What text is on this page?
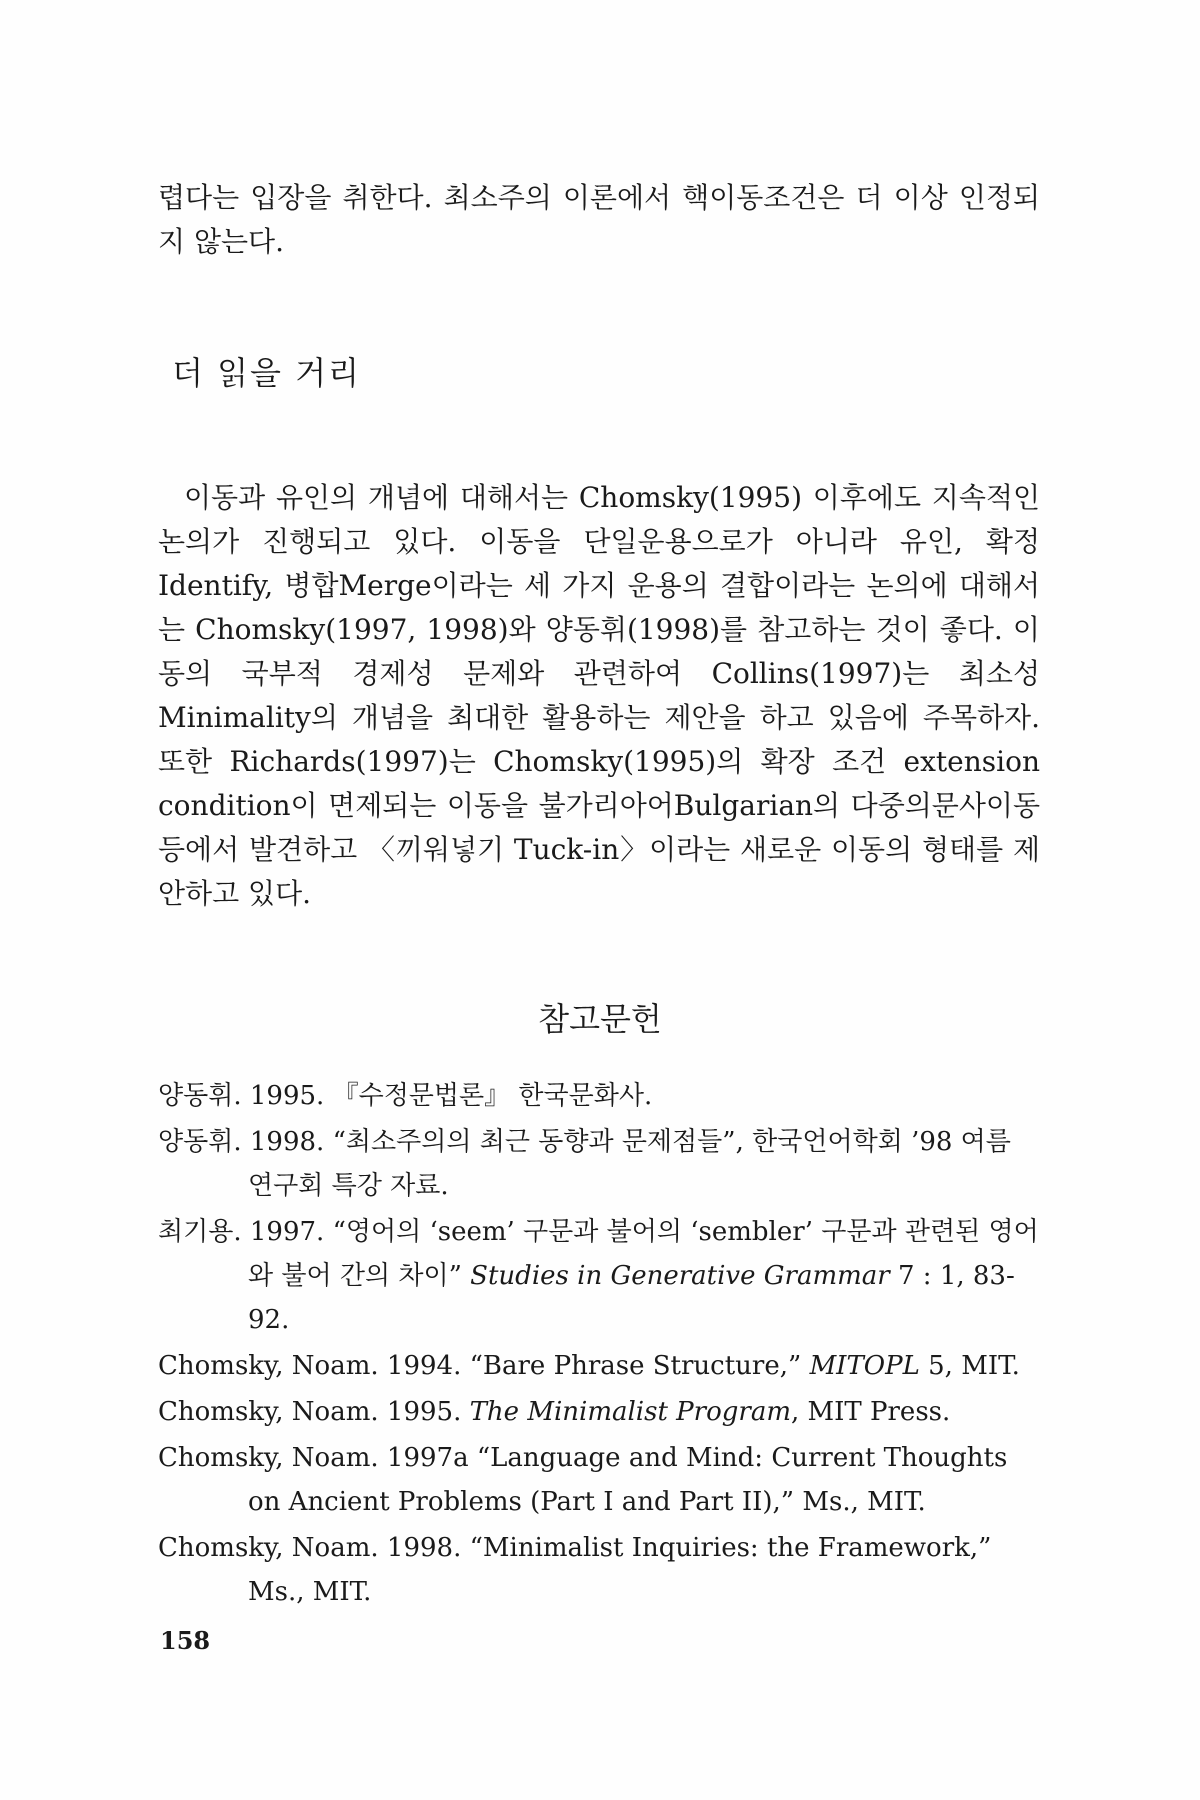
렵다는 입장을 취한다. 최소주의 이론에서 핵이동조건은 더 이상 인정되지 않는다.

더 읽을 거리

이동과 유인의 개념에 대해서는 Chomsky(1995) 이후에도 지속적인 논의가 진행되고 있다. 이동을 단일운용으로가 아니라 유인, 확정 Identify, 병합Merge이라는 세 가지 운용의 결합이라는 논의에 대해서는 Chomsky(1997, 1998)와 양동휘(1998)를 참고하는 것이 좋다. 이동의 국부적 경제성 문제와 관련하여 Collins(1997)는 최소성 Minimality의 개념을 최대한 활용하는 제안을 하고 있음에 주목하자. 또한 Richards(1997)는 Chomsky(1995)의 확장 조건 extension condition이 면제되는 이동을 불가리아어Bulgarian의 다중의문사이동 등에서 발견하고 〈끼워넣기 Tuck-in〉이라는 새로운 이동의 형태를 제안하고 있다.

참고문헌
양동휘. 1995. 『수정문법론』 한국문화사.
양동휘. 1998. “최소주의의 최근 동향과 문제점들”, 한국언어학회 ’98 여름 연구회 특강 자료.
최기용. 1997. “영어의 ‘seem’ 구문과 불어의 ‘sembler’ 구문과 관련된 영어와 불어 간의 차이” Studies in Generative Grammar 7 : 1, 83-92.
Chomsky, Noam. 1994. “Bare Phrase Structure,” MITOPL 5, MIT.
Chomsky, Noam. 1995. The Minimalist Program, MIT Press.
Chomsky, Noam. 1997a “Language and Mind: Current Thoughts on Ancient Problems (Part I and Part II),” Ms., MIT.
Chomsky, Noam. 1998. “Minimalist Inquiries: the Framework,” Ms., MIT.
158
